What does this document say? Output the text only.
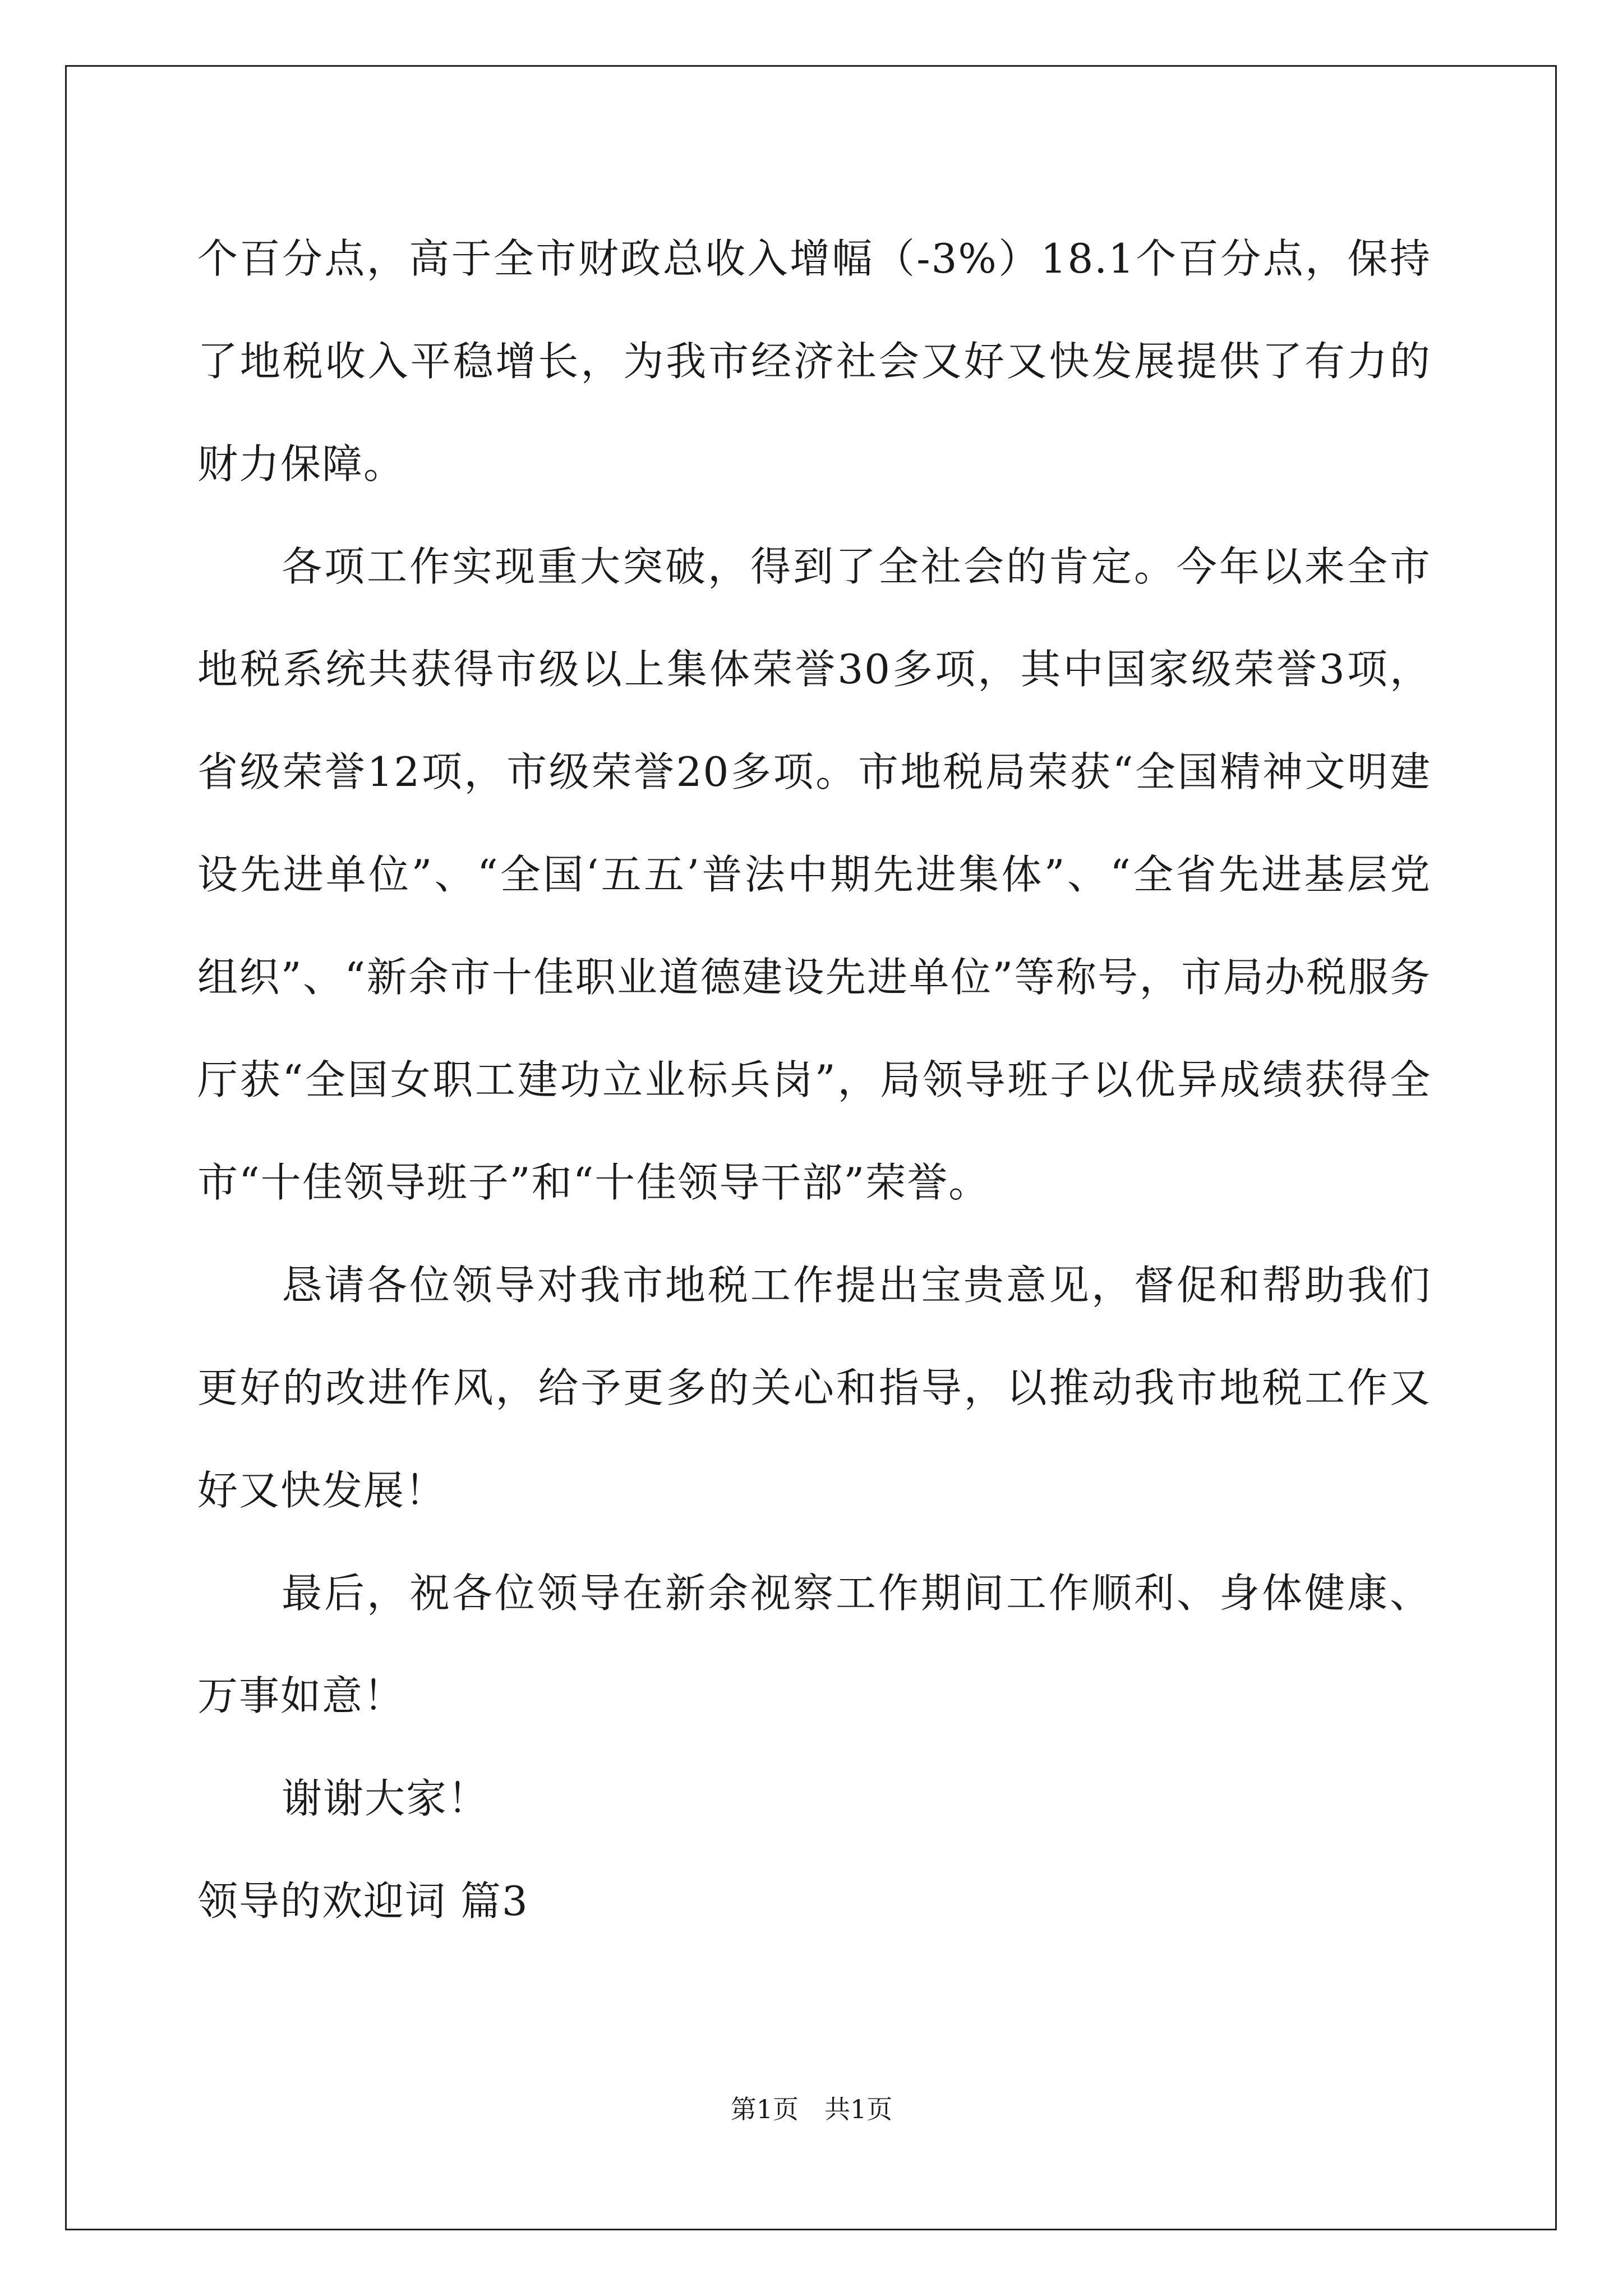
个百分点，高于全市财政总收入增幅（-3%）18.1个百分点，保持了地税收入平稳增长，为我市经济社会又好又快发展提供了有力的财力保障。

各项工作实现重大突破，得到了全社会的肯定。今年以来全市地税系统共获得市级以上集体荣誉30多项，其中国家级荣誉3项，省级荣誉12项，市级荣誉20多项。市地税局荣获“全国精神文明建设先进单位”、“全国‘五五’普法中期先进集体”、“全省先进基层党组织”、“新余市十佳职业道德建设先进单位”等称号，市局办税服务厅获“全国女职工建功立业标兵岗”，局领导班子以优异成绩获得全市“十佳领导班子”和“十佳领导干部”荣誉。

恳请各位领导对我市地税工作提出宝贵意见，督促和帮助我们更好的改进作风，给予更多的关心和指导，以推动我市地税工作又好又快发展！

最后，祝各位领导在新余视察工作期间工作顺利、身体健康、万事如意！

谢谢大家！

领导的欢迎词 篇3

第1页　共1页
